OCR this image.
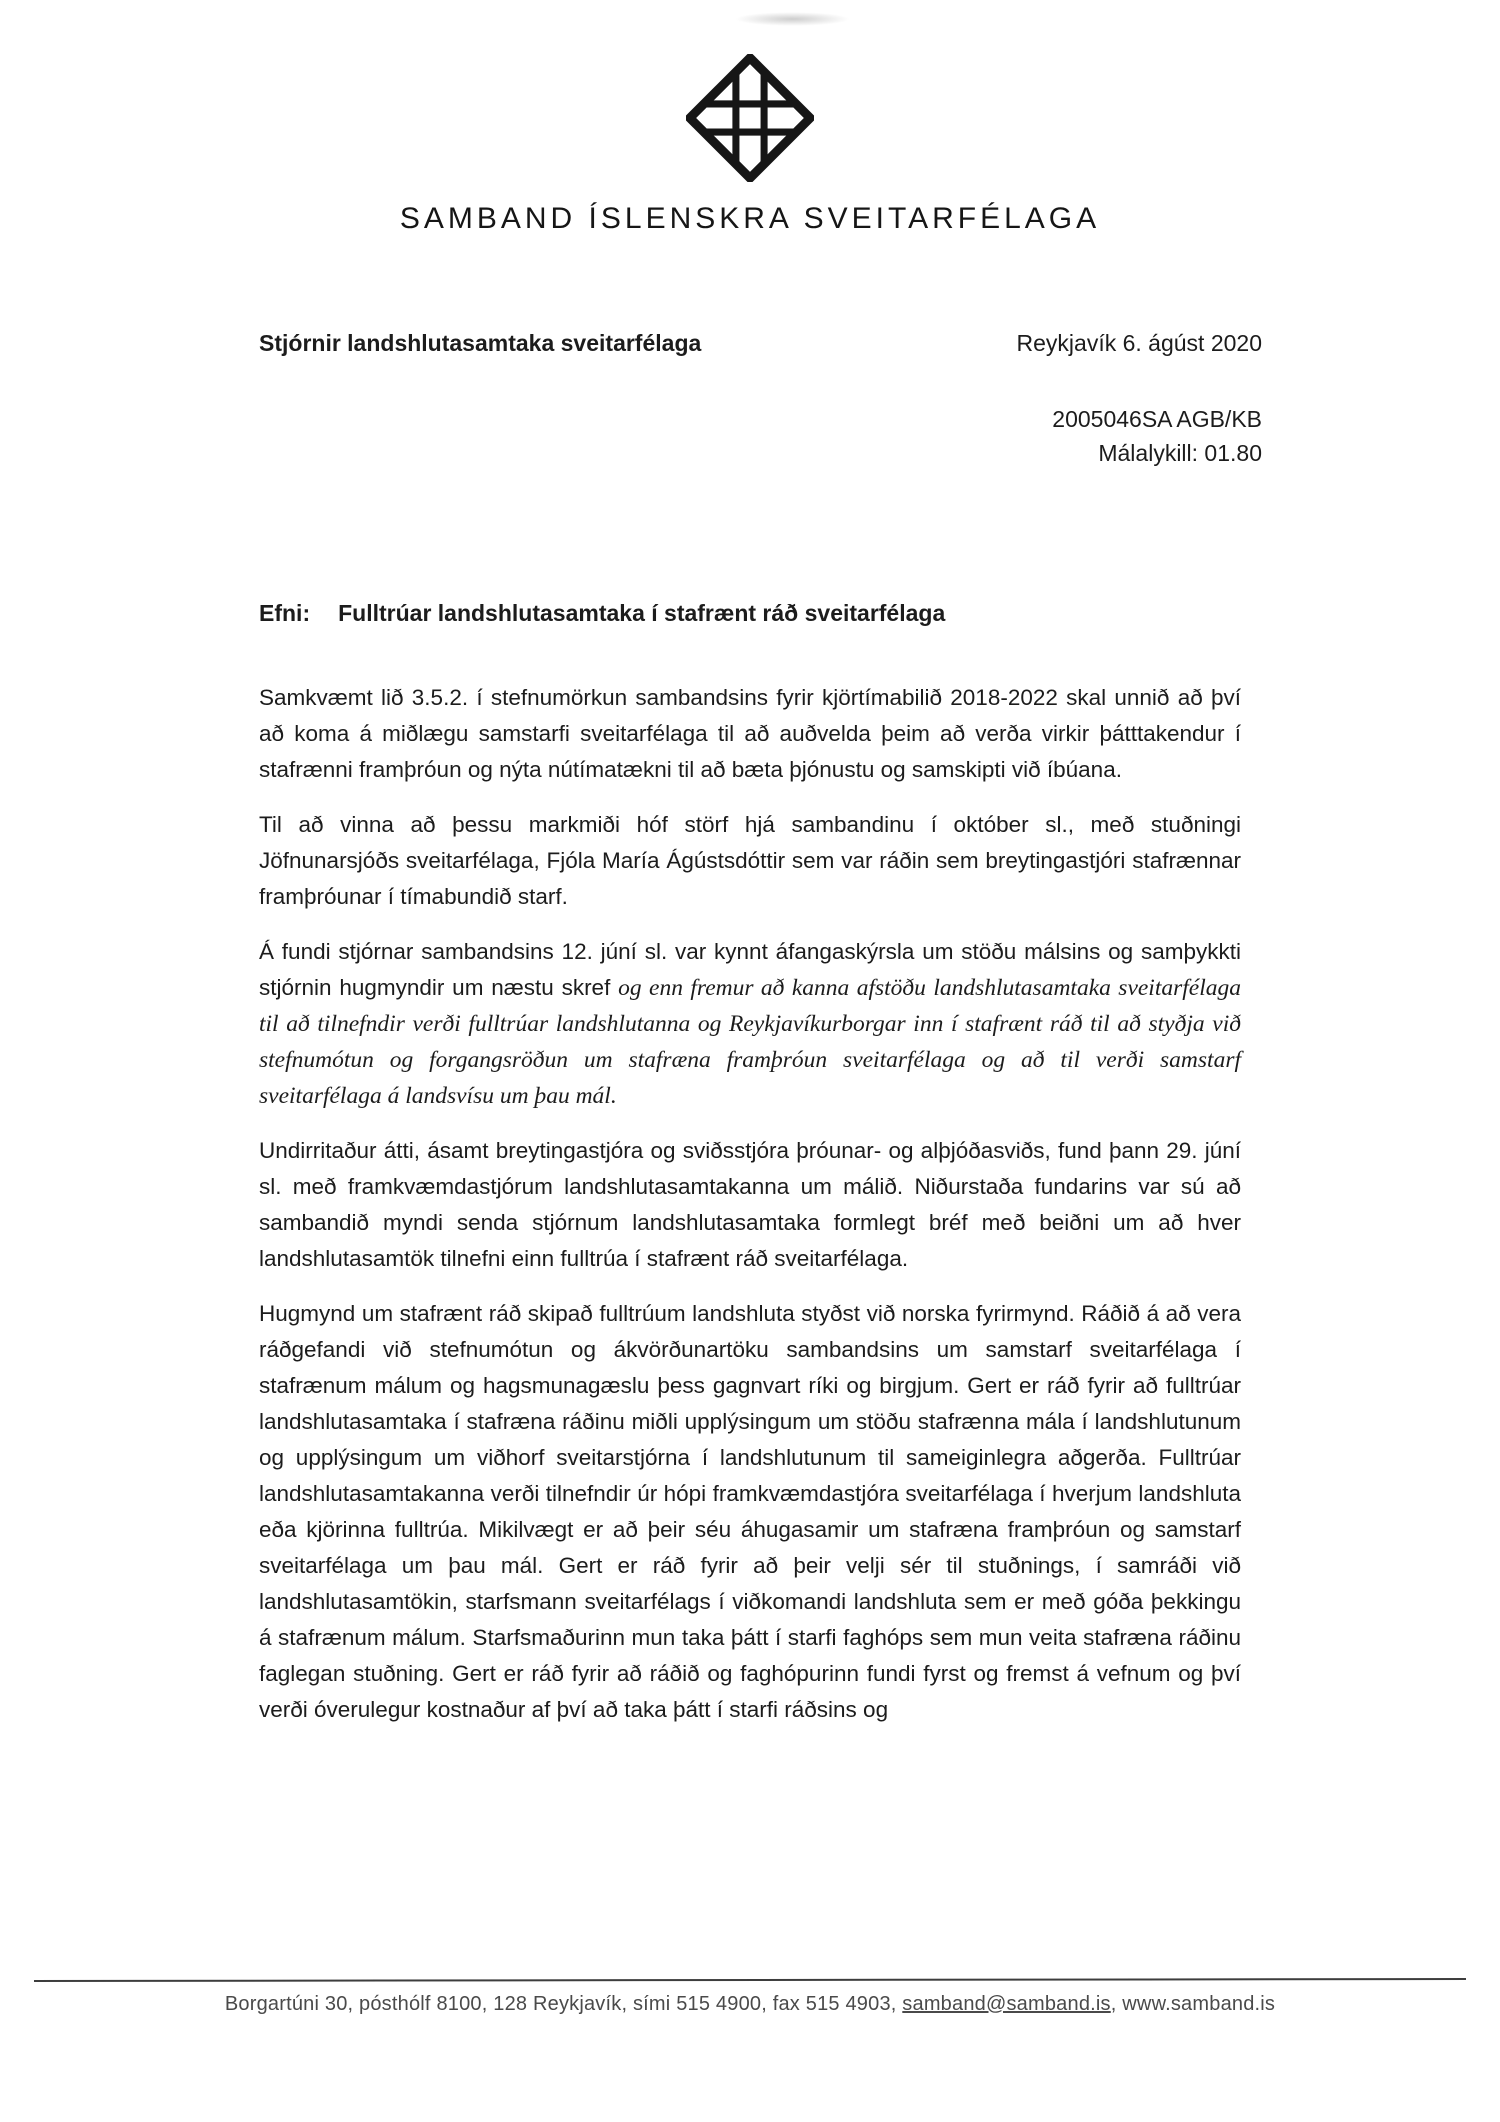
SAMBAND ÍSLENSKRA SVEITARFÉLAGA
Stjórnir landshlutasamtaka sveitarfélaga	Reykjavík 6. ágúst 2020
2005046SA AGB/KB
Málalykill: 01.80
Efni: Fulltrúar landshlutasamtaka í stafrænt ráð sveitarfélaga

Samkvæmt lið 3.5.2. í stefnumörkun sambandsins fyrir kjörtímabilið 2018-2022 skal unnið að því að koma á miðlægu samstarfi sveitarfélaga til að auðvelda þeim að verða virkir þátttakendur í stafrænni framþróun og nýta nútímatækni til að bæta þjónustu og samskipti við íbúana.

Til að vinna að þessu markmiði hóf störf hjá sambandinu í október sl., með stuðningi Jöfnunarsjóðs sveitarfélaga, Fjóla María Ágústsdóttir sem var ráðin sem breytingastjóri stafrænnar framþróunar í tímabundið starf.

Á fundi stjórnar sambandsins 12. júní sl. var kynnt áfangaskýrsla um stöðu málsins og samþykkti stjórnin hugmyndir um næstu skref og enn fremur að kanna afstöðu landshlutasamtaka sveitarfélaga til að tilnefndir verði fulltrúar landshlutanna og Reykjavíkurborgar inn í stafrænt ráð til að styðja við stefnumótun og forgangsröðun um stafræna framþróun sveitarfélaga og að til verði samstarf sveitarfélaga á landsvísu um þau mál.

Undirritaður átti, ásamt breytingastjóra og sviðsstjóra þróunar- og alþjóðasviðs, fund þann 29. júní sl. með framkvæmdastjórum landshlutasamtakanna um málið. Niðurstaða fundarins var sú að sambandið myndi senda stjórnum landshlutasamtaka formlegt bréf með beiðni um að hver landshlutasamtök tilnefni einn fulltrúa í stafrænt ráð sveitarfélaga.

Hugmynd um stafrænt ráð skipað fulltrúum landshluta styðst við norska fyrirmynd. Ráðið á að vera ráðgefandi við stefnumótun og ákvörðunartöku sambandsins um samstarf sveitarfélaga í stafrænum málum og hagsmunagæslu þess gagnvart ríki og birgjum. Gert er ráð fyrir að fulltrúar landshlutasamtaka í stafræna ráðinu miðli upplýsingum um stöðu stafrænna mála í landshlutunum og upplýsingum um viðhorf sveitarstjórna í landshlutunum til sameiginlegra aðgerða. Fulltrúar landshlutasamtakanna verði tilnefndir úr hópi framkvæmdastjóra sveitarfélaga í hverjum landshluta eða kjörinna fulltrúa. Mikilvægt er að þeir séu áhugasamir um stafræna framþróun og samstarf sveitarfélaga um þau mál. Gert er ráð fyrir að þeir velji sér til stuðnings, í samráði við landshlutasamtökin, starfsmann sveitarfélags í viðkomandi landshluta sem er með góða þekkingu á stafrænum málum. Starfsmaðurinn mun taka þátt í starfi faghóps sem mun veita stafræna ráðinu faglegan stuðning. Gert er ráð fyrir að ráðið og faghópurinn fundi fyrst og fremst á vefnum og því verði óverulegur kostnaður af því að taka þátt í starfi ráðsins og

Borgartúni 30, pósthólf 8100, 128 Reykjavík, sími 515 4900, fax 515 4903, samband@samband.is, www.samband.is
